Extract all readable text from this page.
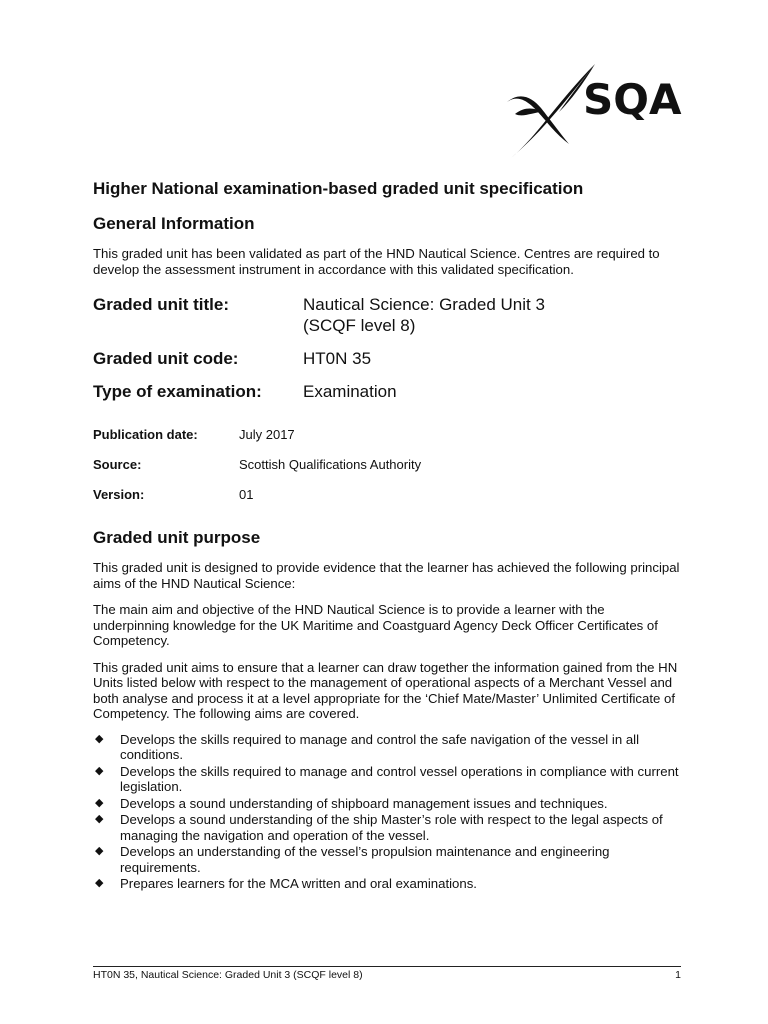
SQA
Higher National examination-based graded unit specification
General Information

This graded unit has been validated as part of the HND Nautical Science. Centres are required to develop the assessment instrument in accordance with this validated specification.

Graded unit title:	Nautical Science: Graded Unit 3
(SCQF level 8)
Graded unit code:	HT0N 35
Type of examination:	Examination
Publication date:	July 2017
Source:	Scottish Qualifications Authority
Version:	01
Graded unit purpose

This graded unit is designed to provide evidence that the learner has achieved the following principal aims of the HND Nautical Science:

The main aim and objective of the HND Nautical Science is to provide a learner with the underpinning knowledge for the UK Maritime and Coastguard Agency Deck Officer Certificates of Competency.

This graded unit aims to ensure that a learner can draw together the information gained from the HN Units listed below with respect to the management of operational aspects of a Merchant Vessel and both analyse and process it at a level appropriate for the ‘Chief Mate/Master’ Unlimited Certificate of Competency. The following aims are covered.

◆ Develops the skills required to manage and control the safe navigation of the vessel in all conditions.
◆ Develops the skills required to manage and control vessel operations in compliance with current legislation.
◆ Develops a sound understanding of shipboard management issues and techniques.
◆ Develops a sound understanding of the ship Master’s role with respect to the legal aspects of managing the navigation and operation of the vessel.
◆ Develops an understanding of the vessel’s propulsion maintenance and engineering requirements.
◆ Prepares learners for the MCA written and oral examinations.
HT0N 35, Nautical Science: Graded Unit 3 (SCQF level 8)	1
